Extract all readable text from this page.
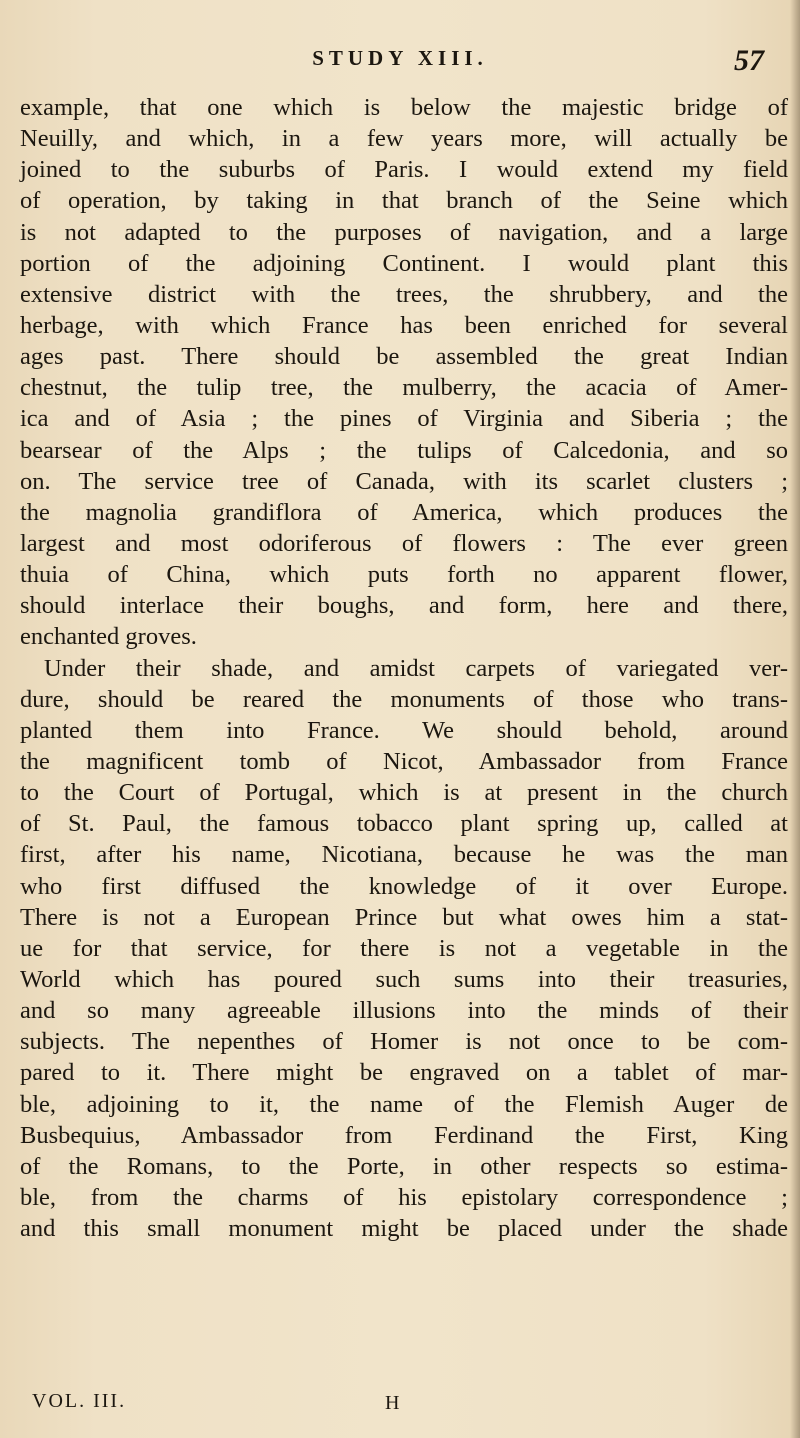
STUDY XIII.	57
example, that one which is below the majestic bridge of
Neuilly, and which, in a few years more, will actually be
joined to the suburbs of Paris. I would extend my field
of operation, by taking in that branch of the Seine which
is not adapted to the purposes of navigation, and a large
portion of the adjoining Continent. I would plant this
extensive district with the trees, the shrubbery, and the
herbage, with which France has been enriched for several
ages past. There should be assembled the great Indian
chestnut, the tulip tree, the mulberry, the acacia of Amer-
ica and of Asia ; the pines of Virginia and Siberia ; the
bearsear of the Alps ; the tulips of Calcedonia, and so
on. The service tree of Canada, with its scarlet clusters ;
the magnolia grandiflora of America, which produces the
largest and most odoriferous of flowers : The ever green
thuia of China, which puts forth no apparent flower,
should interlace their boughs, and form, here and there,
enchanted groves.
Under their shade, and amidst carpets of variegated ver-
dure, should be reared the monuments of those who trans-
planted them into France. We should behold, around
the magnificent tomb of Nicot, Ambassador from France
to the Court of Portugal, which is at present in the church
of St. Paul, the famous tobacco plant spring up, called at
first, after his name, Nicotiana, because he was the man
who first diffused the knowledge of it over Europe.
There is not a European Prince but what owes him a stat-
ue for that service, for there is not a vegetable in the
World which has poured such sums into their treasuries,
and so many agreeable illusions into the minds of their
subjects. The nepenthes of Homer is not once to be com-
pared to it. There might be engraved on a tablet of mar-
ble, adjoining to it, the name of the Flemish Auger de
Busbequius, Ambassador from Ferdinand the First, King
of the Romans, to the Porte, in other respects so estima-
ble, from the charms of his epistolary correspondence ;
and this small monument might be placed under the shade
VOL. III.	H
